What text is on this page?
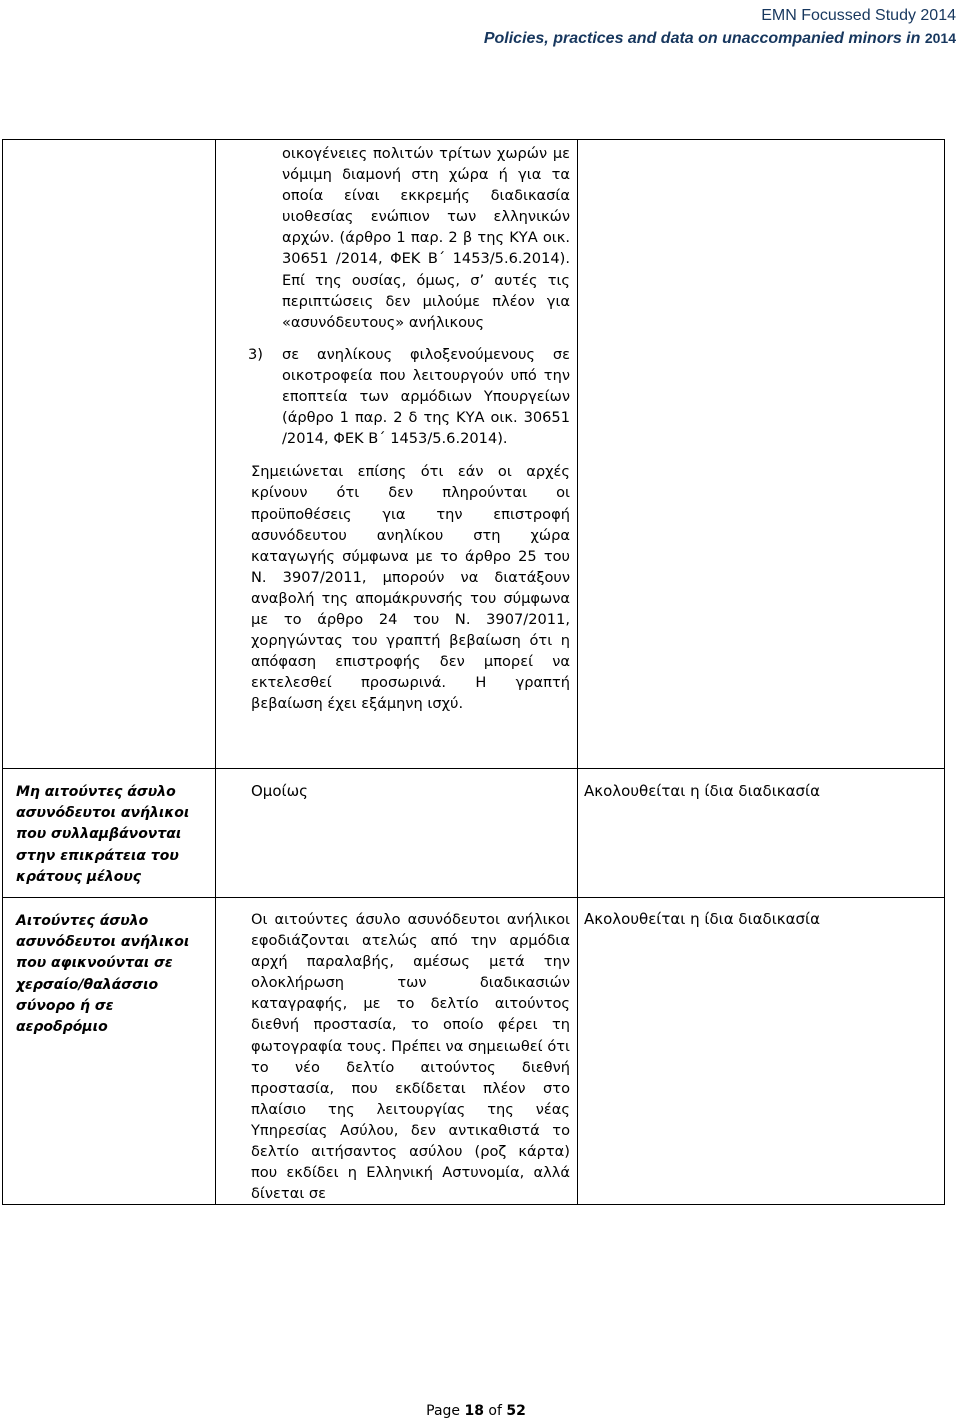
EMN Focussed Study 2014
Policies, practices and data on unaccompanied minors in 2014

	οικογένειες πολιτών τρίτων χωρών με νόμιμη διαμονή στη χώρα ή για τα οποία είναι εκκρεμής διαδικασία υιοθεσίας ενώπιον των ελληνικών αρχών. (άρθρο 1 παρ. 2 β της ΚΥΑ οικ. 30651 /2014, ΦΕΚ Β΄ 1453/5.6.2014). Επί της ουσίας, όμως, σ’ αυτές τις περιπτώσεις δεν μιλούμε πλέον για «ασυνόδευτους» ανήλικους

3) σε ανηλίκους φιλοξενούμενους σε οικοτροφεία που λειτουργούν υπό την εποπτεία των αρμόδιων Υπουργείων (άρθρο 1 παρ. 2 δ της ΚΥΑ οικ. 30651 /2014, ΦΕΚ Β΄ 1453/5.6.2014).

Σημειώνεται επίσης ότι εάν οι αρχές κρίνουν ότι δεν πληρούνται οι προϋποθέσεις για την επιστροφή ασυνόδευτου ανηλίκου στη χώρα καταγωγής σύμφωνα με το άρθρο 25 του Ν. 3907/2011, μπορούν να διατάξουν αναβολή της απομάκρυνσής του σύμφωνα με το άρθρο 24 του Ν. 3907/2011, χορηγώντας του γραπτή βεβαίωση ότι η απόφαση επιστροφής δεν μπορεί να εκτελεσθεί προσωρινά. Η γραπτή βεβαίωση έχει εξάμηνη ισχύ.	

Μη αιτούντες άσυλο ασυνόδευτοι ανήλικοι που συλλαμβάνονται στην επικράτεια του κράτους μέλους	Ομοίως	Ακολουθείται η ίδια διαδικασία

Αιτούντες άσυλο ασυνόδευτοι ανήλικοι που αφικνούνται σε χερσαίο/θαλάσσιο σύνορο ή σε αεροδρόμιο	Οι αιτούντες άσυλο ασυνόδευτοι ανήλικοι εφοδιάζονται ατελώς από την αρμόδια αρχή παραλαβής, αμέσως μετά την ολοκλήρωση των διαδικασιών καταγραφής, με το δελτίο αιτούντος διεθνή προστασία, το οποίο φέρει τη φωτογραφία τους. Πρέπει να σημειωθεί ότι το νέο δελτίο αιτούντος διεθνή προστασία, που εκδίδεται πλέον στο πλαίσιο της λειτουργίας της νέας Υπηρεσίας Ασύλου, δεν αντικαθιστά το δελτίο αιτήσαντος ασύλου (ροζ κάρτα) που εκδίδει η Ελληνική Αστυνομία, αλλά δίνεται σε	Ακολουθείται η ίδια διαδικασία
Page 18 of 52
